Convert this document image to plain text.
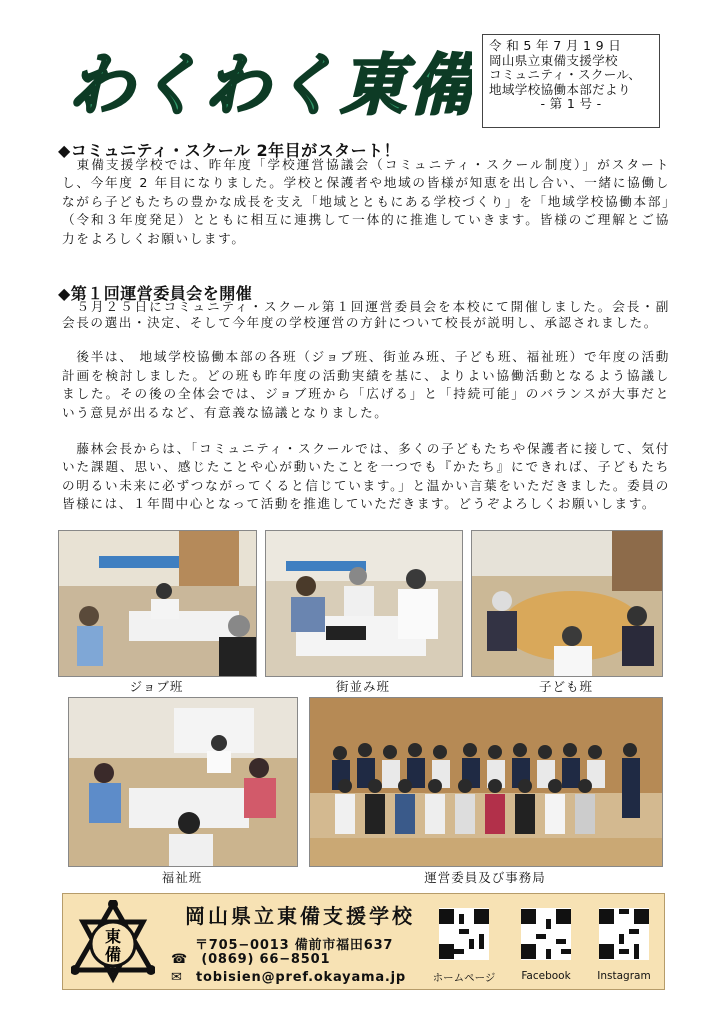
わくわく東備
令 和 5 年 7 月 1 9 日
岡山県立東備支援学校
コミュニティ・スクール、
地域学校協働本部だより
- 第 1 号 -
◆コミュニティ・スクール 2年目がスタート！

　東備支援学校では、昨年度「学校運営協議会（コミュニティ・スクール制度）」がスタートし、今年度 2 年目になりました。学校と保護者や地域の皆様が知恵を出し合い、一緒に協働しながら子どもたちの豊かな成長を支え「地域とともにある学校づくり」を「地域学校協働本部」（令和３年度発足）とともに相互に連携して一体的に推進していきます。皆様のご理解とご協力をよろしくお願いします。

◆第１回運営委員会を開催

　５月２５日にコミュニティ・スクール第１回運営委員会を本校にて開催しました。会長・副会長の選出・決定、そして今年度の学校運営の方針について校長が説明し、承認されました。

　後半は、 地域学校協働本部の各班（ジョブ班、街並み班、子ども班、福祉班）で年度の活動計画を検討しました。どの班も昨年度の活動実績を基に、よりよい協働活動となるよう協議しました。その後の全体会では、ジョブ班から「広げる」と「持続可能」のバランスが大事だという意見が出るなど、有意義な協議となりました。

　藤林会長からは、「コミュニティ・スクールでは、多くの子どもたちや保護者に接して、気付いた課題、思い、感じたことや心が動いたことを一つでも『かたち』にできれば、子どもたちの明るい未来に必ずつながってくると信じています。」と温かい言葉をいただきました。委員の皆様には、１年間中心となって活動を推進していただきます。どうぞよろしくお願いします。

ジョブ班	街並み班	子ども班
福祉班	運営委員及び事務局
東
備
岡山県立東備支援学校
〒705−0013 備前市福田637
☎ (0869) 66−8501
✉ tobisien@pref.okayama.jp	ホームページ	Facebook	Instagram
